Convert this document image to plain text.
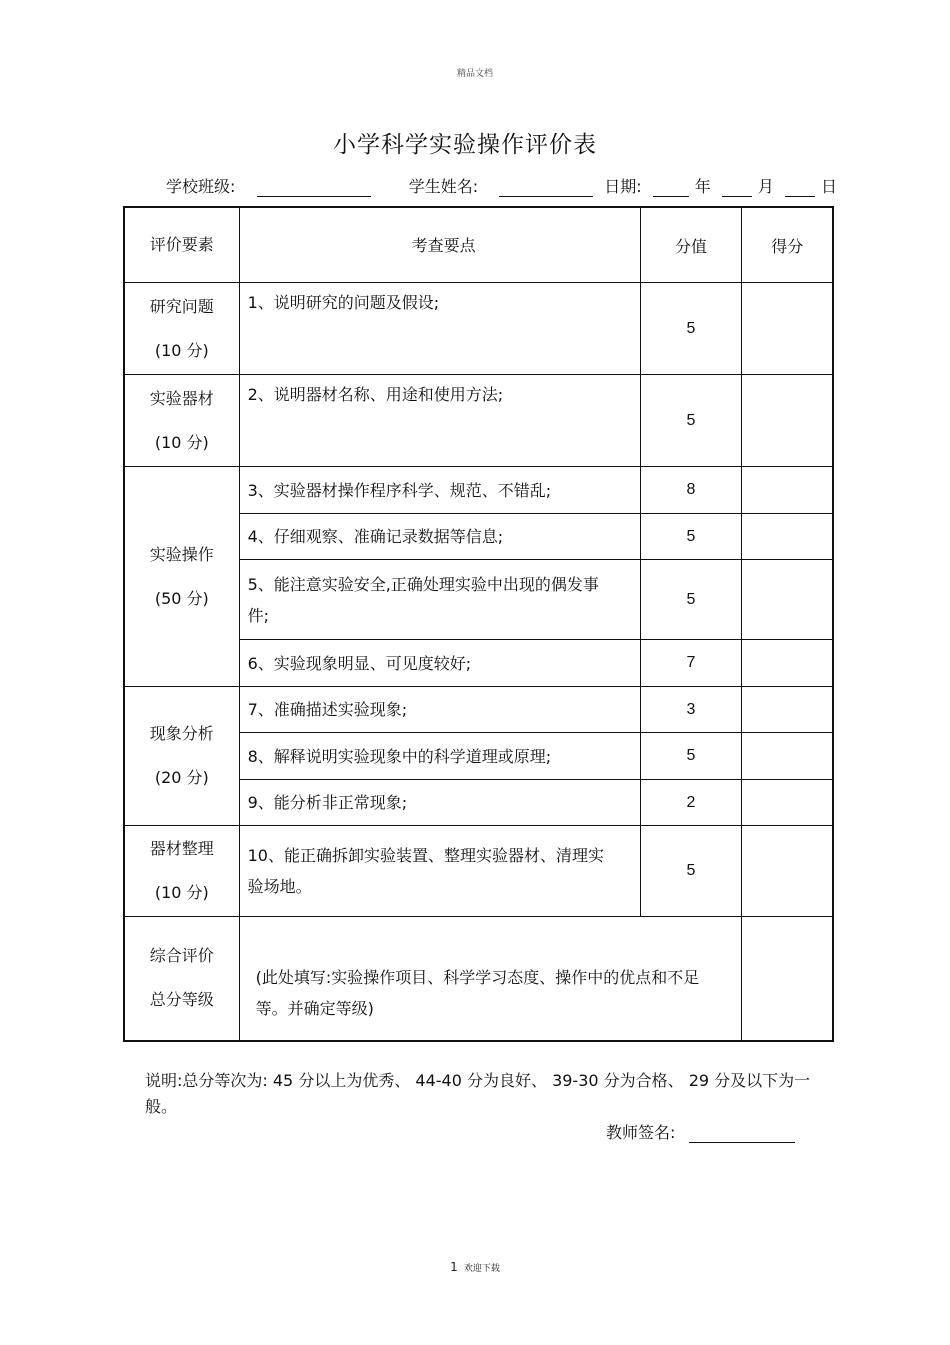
精品文档
小学科学实验操作评价表
学校班级:	学生姓名:	日期:	年	月	日
评价要素	考查要点	分值	得分

研究问题
(10 分)	1、说明研究的问题及假设;	5	

实验器材
(10 分)	2、说明器材名称、用途和使用方法;	5	

实验操作
(50 分)	3、实验器材操作程序科学、规范、不错乱;	8	
	4、仔细观察、准确记录数据等信息;	5	
	5、能注意实验安全,正确处理实验中出现的偶发事件;	5	
	6、实验现象明显、可见度较好;	7	

现象分析
(20 分)	7、准确描述实验现象;	3	
	8、解释说明实验现象中的科学道理或原理;	5	
	9、能分析非正常现象;	2	

器材整理
(10 分)	10、能正确拆卸实验装置、整理实验器材、清理实验场地。	5	

综合评价
总分等级	(此处填写:实验操作项目、科学学习态度、操作中的优点和不足等。并确定等级)		
说明:总分等次为: 45 分以上为优秀、 44-40 分为良好、 39-30 分为合格、 29 分及以下为一般。
教师签名:
1 欢迎下载
